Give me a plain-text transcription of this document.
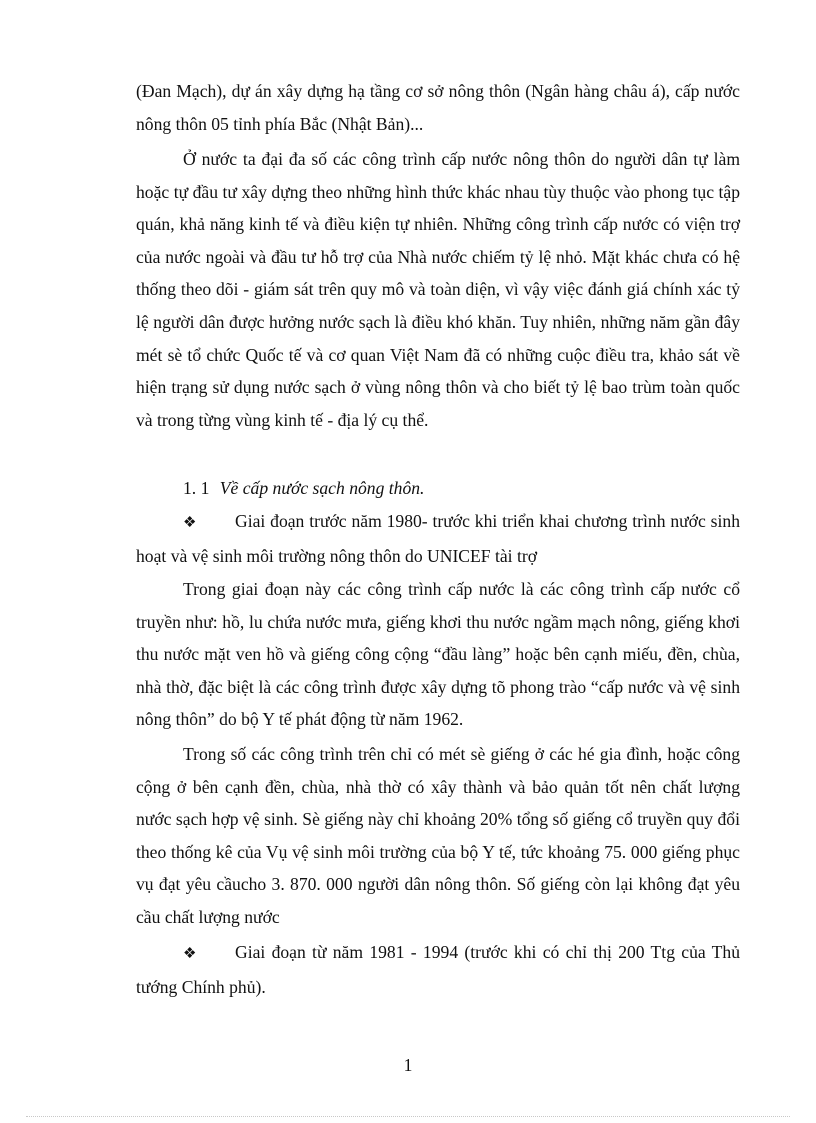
(Đan Mạch), dự án xây dựng hạ tầng cơ sở nông thôn (Ngân hàng châu á), cấp nước nông thôn 05 tỉnh phía Bắc (Nhật Bản)...

Ở nước ta đại đa số các công trình cấp nước nông thôn do người dân tự làm hoặc tự đầu tư xây dựng theo những hình thức khác nhau tùy thuộc vào phong tục tập quán, khả năng kinh tế và điều kiện tự nhiên. Những công trình cấp nước có viện trợ của nước ngoài và đầu tư hỗ trợ của Nhà nước chiếm tỷ lệ nhỏ. Mặt khác chưa có hệ thống theo dõi - giám sát trên quy mô và toàn diện, vì vậy việc đánh giá chính xác tỷ lệ người dân được hưởng nước sạch là điều khó khăn. Tuy nhiên, những năm gần đây mét sè tổ chức Quốc tế và cơ quan Việt Nam đã có những cuộc điều tra, khảo sát về hiện trạng sử dụng nước sạch ở vùng nông thôn và cho biết tỷ lệ bao trùm toàn quốc và trong từng vùng kinh tế - địa lý cụ thể.

1. 1 Về cấp nước sạch nông thôn.

❖ Giai đoạn trước năm 1980- trước khi triển khai chương trình nước sinh hoạt và vệ sinh môi trường nông thôn do UNICEF tài trợ

Trong giai đoạn này các công trình cấp nước là các công trình cấp nước cổ truyền như: hồ, lu chứa nước mưa, giếng khơi thu nước ngầm mạch nông, giếng khơi thu nước mặt ven hồ và giếng công cộng “đầu làng” hoặc bên cạnh miếu, đền, chùa, nhà thờ, đặc biệt là các công trình được xây dựng tõ phong trào “cấp nước và vệ sinh nông thôn” do bộ Y tế phát động từ năm 1962.

Trong số các công trình trên chỉ có mét sè giếng ở các hé gia đình, hoặc công cộng ở bên cạnh đền, chùa, nhà thờ có xây thành và bảo quản tốt nên chất lượng nước sạch hợp vệ sinh. Sè giếng này chỉ khoảng 20% tổng số giếng cổ truyền quy đổi theo thống kê của Vụ vệ sinh môi trường của bộ Y tế, tức khoảng 75. 000 giếng phục vụ đạt yêu cầucho 3. 870. 000 người dân nông thôn. Số giếng còn lại không đạt yêu cầu chất lượng nước

❖ Giai đoạn từ năm 1981 - 1994 (trước khi có chỉ thị 200 Ttg của Thủ tướng Chính phủ).

1
